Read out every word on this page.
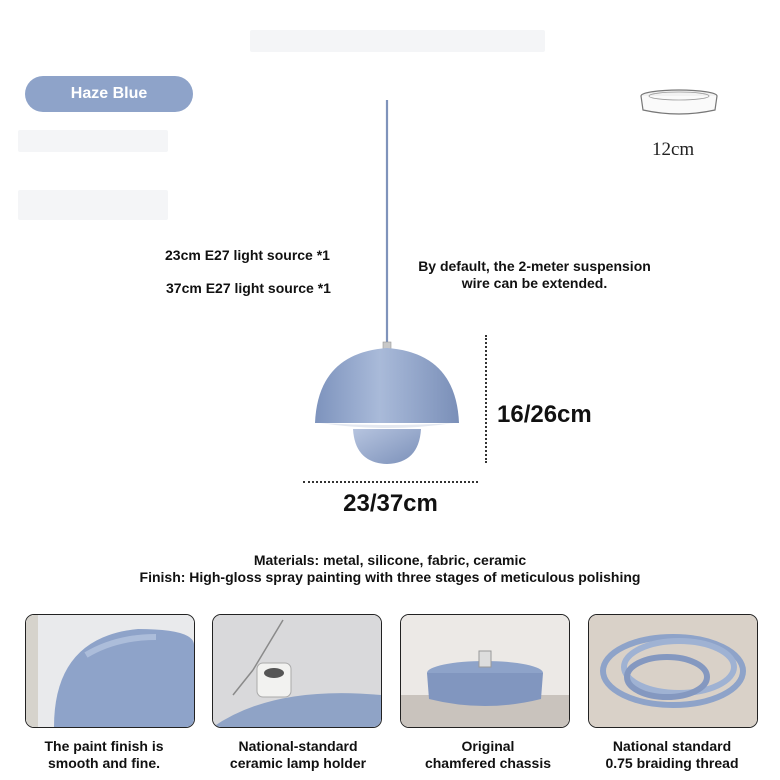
Haze Blue
12cm
23cm E27 light source *1
37cm E27 light source *1
By default, the 2-meter suspension
wire can be extended.
16/26cm
23/37cm
Materials: metal, silicone, fabric, ceramic
Finish: High-gloss spray painting with three stages of meticulous polishing
The paint finish is
smooth and fine.
National-standard
ceramic lamp holder
Original
chamfered chassis
National standard
0.75 braiding thread
